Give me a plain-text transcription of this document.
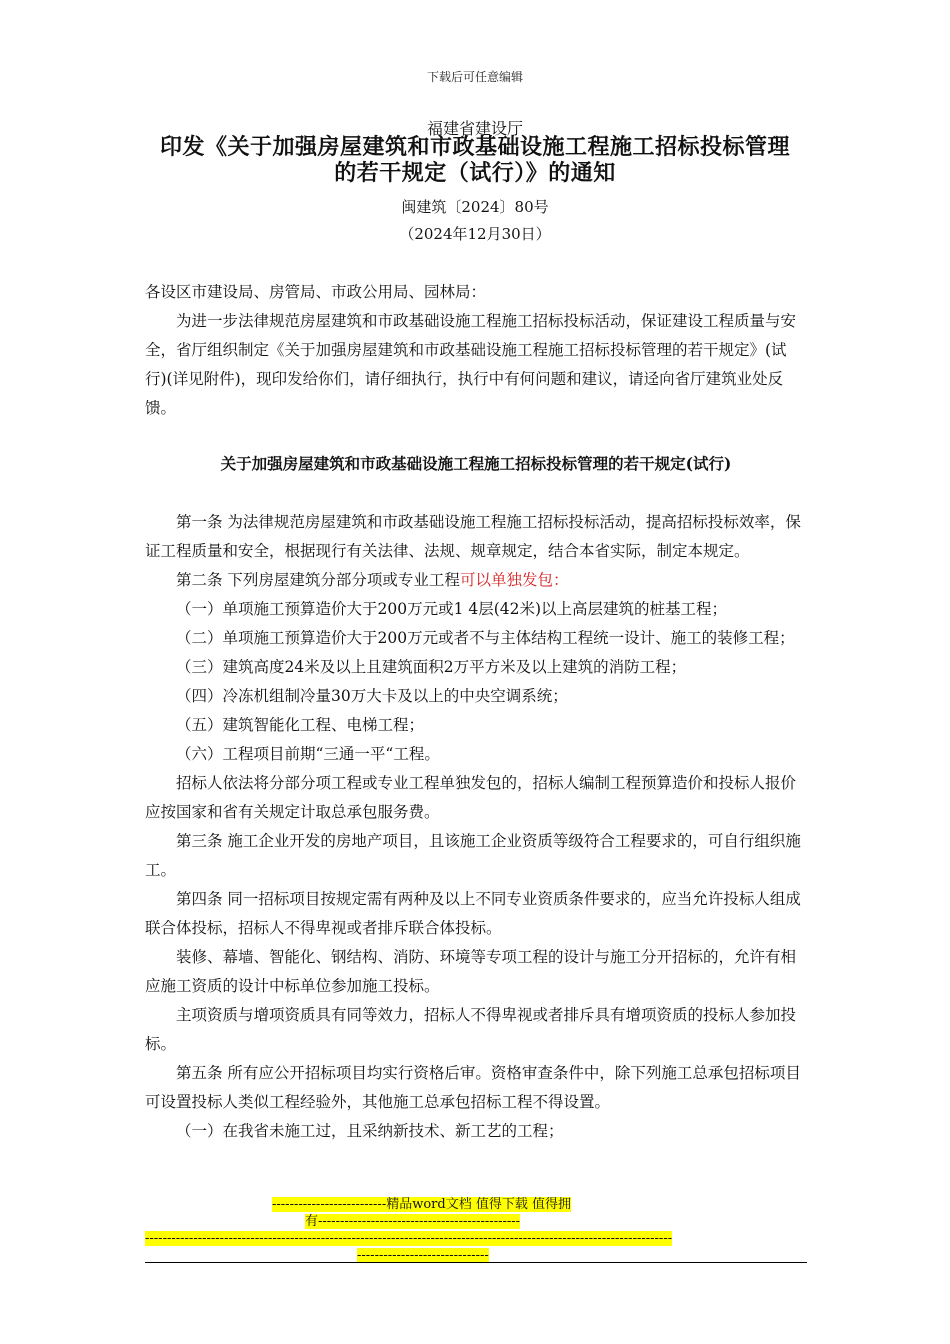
下载后可任意编辑
福建省建设厅
印发《关于加强房屋建筑和市政基础设施工程施工招标投标管理
的若干规定（试行）》的通知
闽建筑〔2024〕80号
（2024年12月30日）

各设区市建设局、房管局、市政公用局、园林局：

为进一步法律规范房屋建筑和市政基础设施工程施工招标投标活动，保证建设工程质量与安全，省厅组织制定《关于加强房屋建筑和市政基础设施工程施工招标投标管理的若干规定》(试行)(详见附件)，现印发给你们，请仔细执行，执行中有何问题和建议，请迳向省厅建筑业处反馈。

关于加强房屋建筑和市政基础设施工程施工招标投标管理的若干规定(试行)

第一条 为法律规范房屋建筑和市政基础设施工程施工招标投标活动，提高招标投标效率，保证工程质量和安全，根据现行有关法律、法规、规章规定，结合本省实际，制定本规定。

第二条 下列房屋建筑分部分项或专业工程可以单独发包：

（一）单项施工预算造价大于200万元或1 4层(42米)以上高层建筑的桩基工程；

（二）单项施工预算造价大于200万元或者不与主体结构工程统一设计、施工的装修工程；

（三）建筑高度24米及以上且建筑面积2万平方米及以上建筑的消防工程；

（四）冷冻机组制冷量30万大卡及以上的中央空调系统；

（五）建筑智能化工程、电梯工程；

（六）工程项目前期“三通一平“工程。

招标人依法将分部分项工程或专业工程单独发包的，招标人编制工程预算造价和投标人报价应按国家和省有关规定计取总承包服务费。

第三条 施工企业开发的房地产项目，且该施工企业资质等级符合工程要求的，可自行组织施工。

第四条 同一招标项目按规定需有两种及以上不同专业资质条件要求的，应当允许投标人组成联合体投标，招标人不得卑视或者排斥联合体投标。

装修、幕墙、智能化、钢结构、消防、环境等专项工程的设计与施工分开招标的，允许有相应施工资质的设计中标单位参加施工投标。

主项资质与增项资质具有同等效力，招标人不得卑视或者排斥具有增项资质的投标人参加投标。

第五条 所有应公开招标项目均实行资格后审。资格审查条件中，除下列施工总承包招标项目可设置投标人类似工程经验外，其他施工总承包招标工程不得设置。

（一）在我省未施工过，且采纳新技术、新工艺的工程；

--------------------------精品word文档 值得下载 值得拥
有----------------------------------------------
------------------------------------------------------------------------------------------------------------------------
------------------------------
